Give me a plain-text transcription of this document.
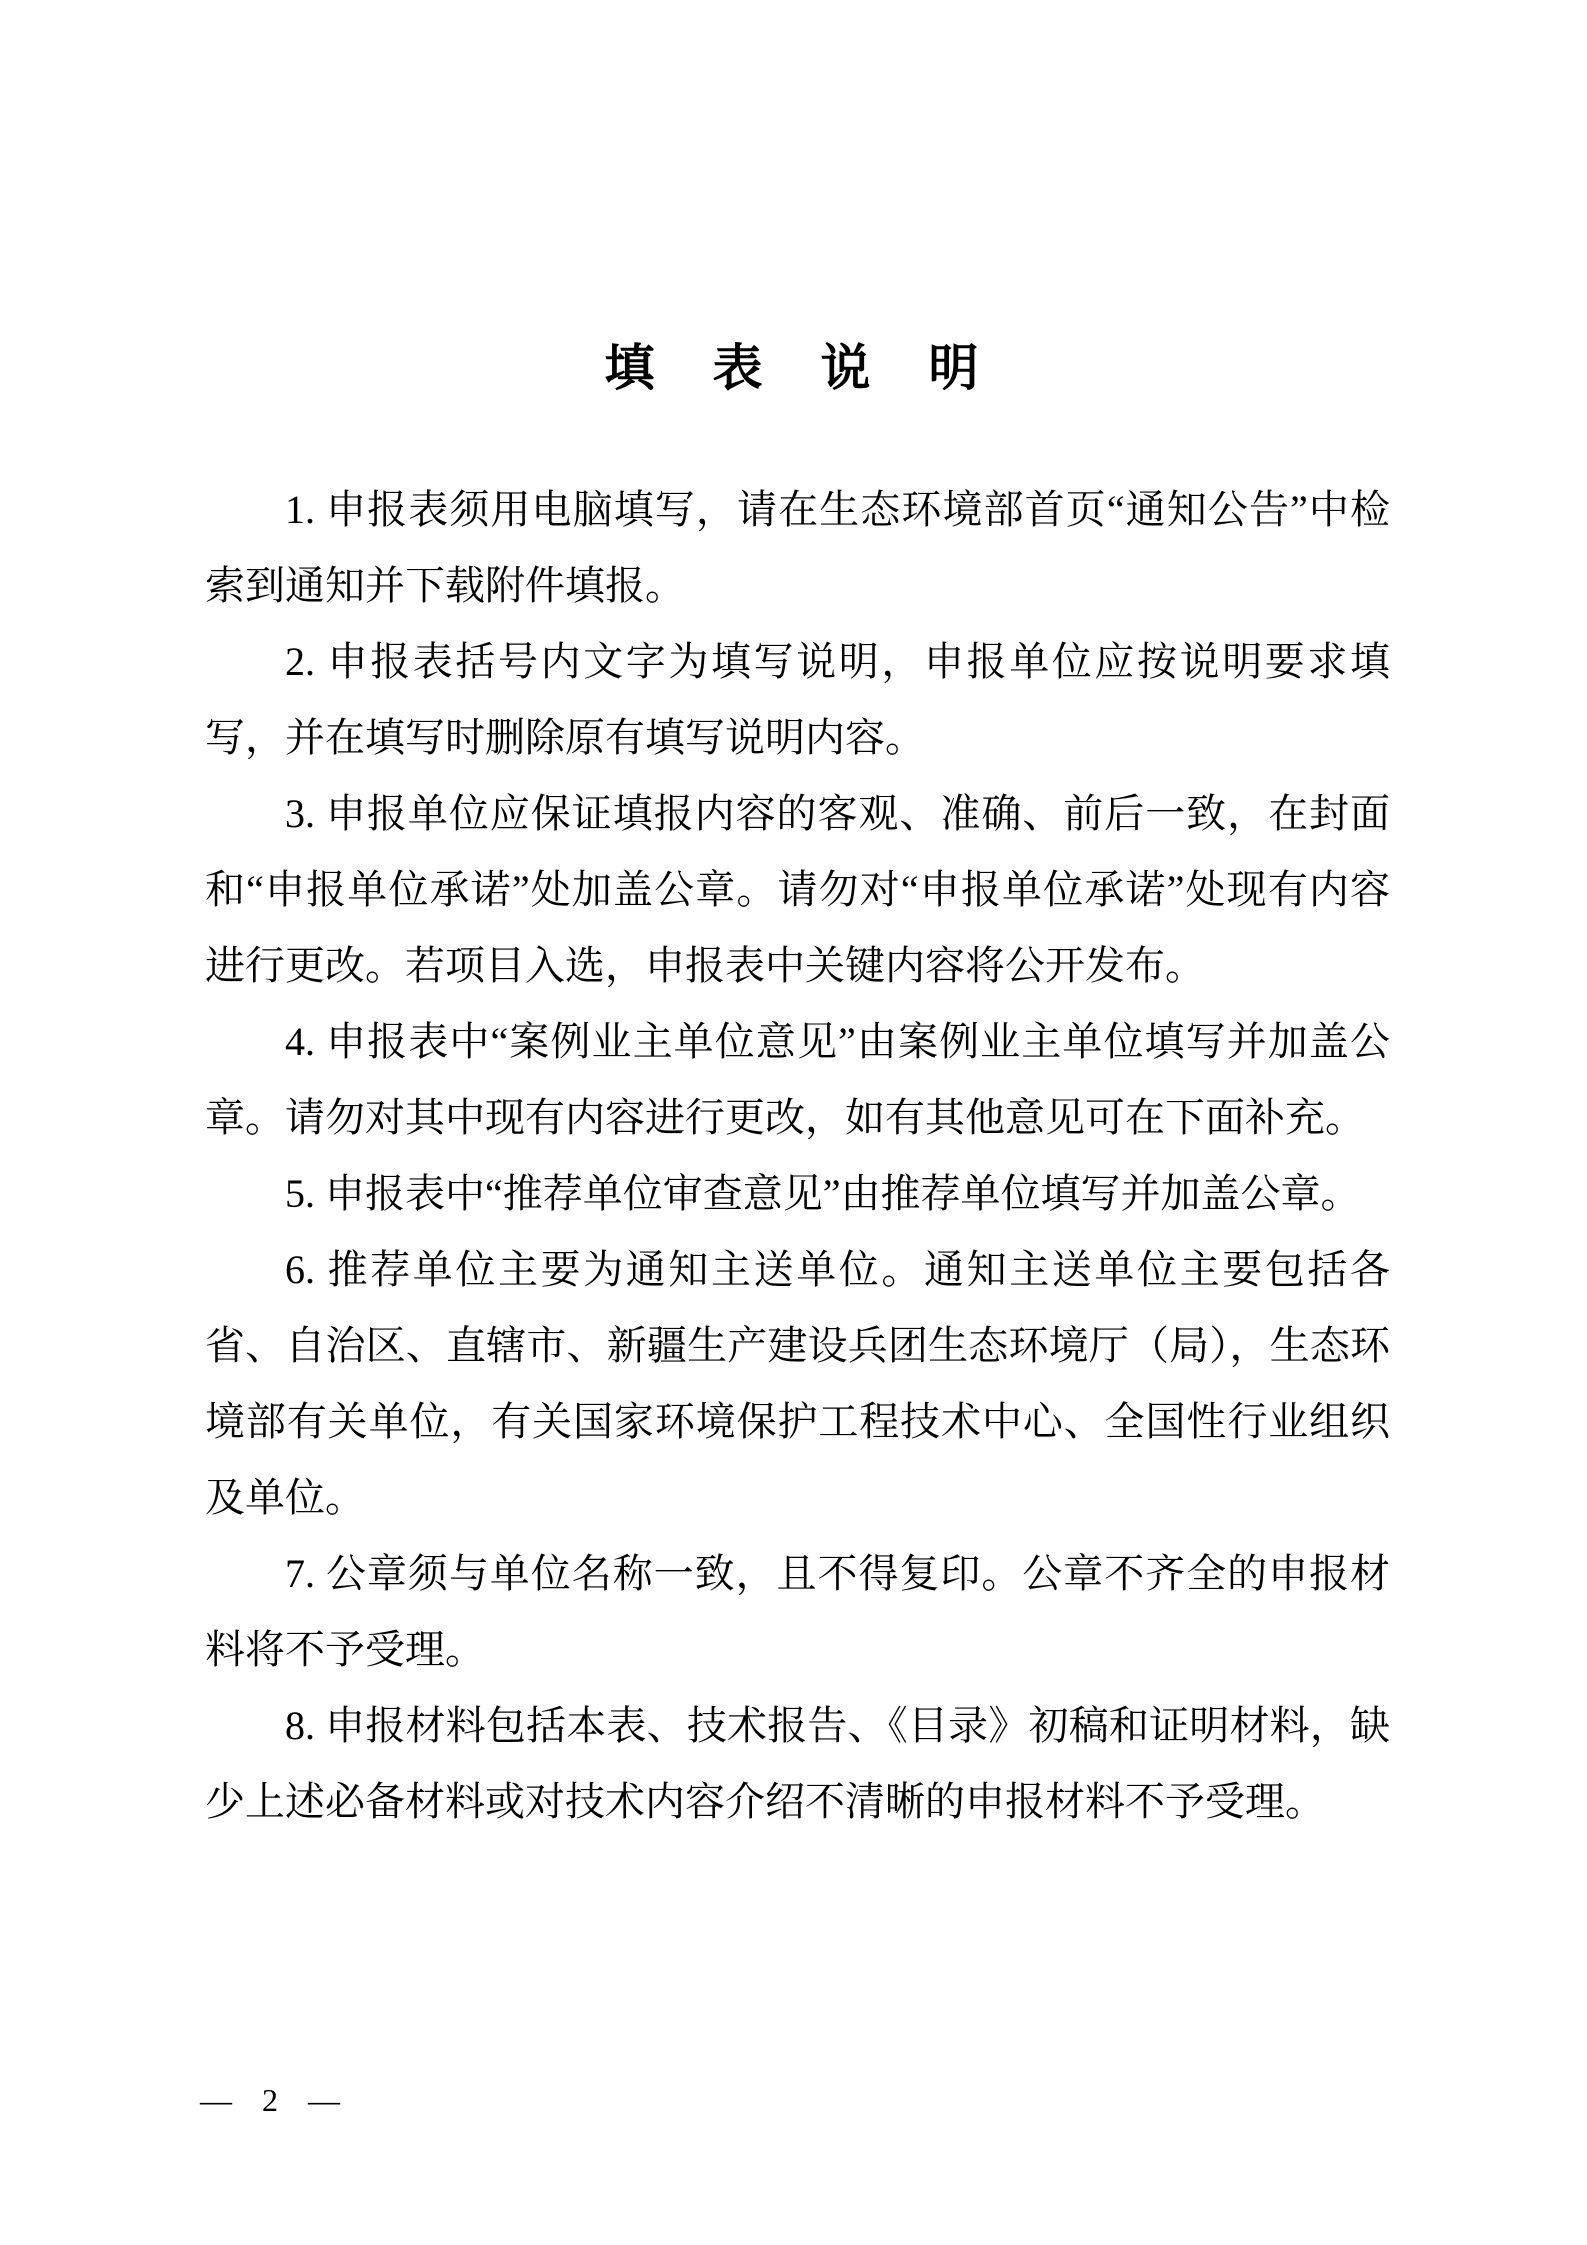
填　表　说　明

1. 申报表须用电脑填写，请在生态环境部首页“通知公告”中检索到通知并下载附件填报。

2. 申报表括号内文字为填写说明，申报单位应按说明要求填写，并在填写时删除原有填写说明内容。

3. 申报单位应保证填报内容的客观、准确、前后一致，在封面和“申报单位承诺”处加盖公章。请勿对“申报单位承诺”处现有内容进行更改。若项目入选，申报表中关键内容将公开发布。

4. 申报表中“案例业主单位意见”由案例业主单位填写并加盖公章。请勿对其中现有内容进行更改，如有其他意见可在下面补充。

5. 申报表中“推荐单位审查意见”由推荐单位填写并加盖公章。

6. 推荐单位主要为通知主送单位。通知主送单位主要包括各省、自治区、直辖市、新疆生产建设兵团生态环境厅（局），生态环境部有关单位，有关国家环境保护工程技术中心、全国性行业组织及单位。

7. 公章须与单位名称一致，且不得复印。公章不齐全的申报材料将不予受理。

8. 申报材料包括本表、技术报告、《目录》初稿和证明材料，缺少上述必备材料或对技术内容介绍不清晰的申报材料不予受理。

— 2 —
